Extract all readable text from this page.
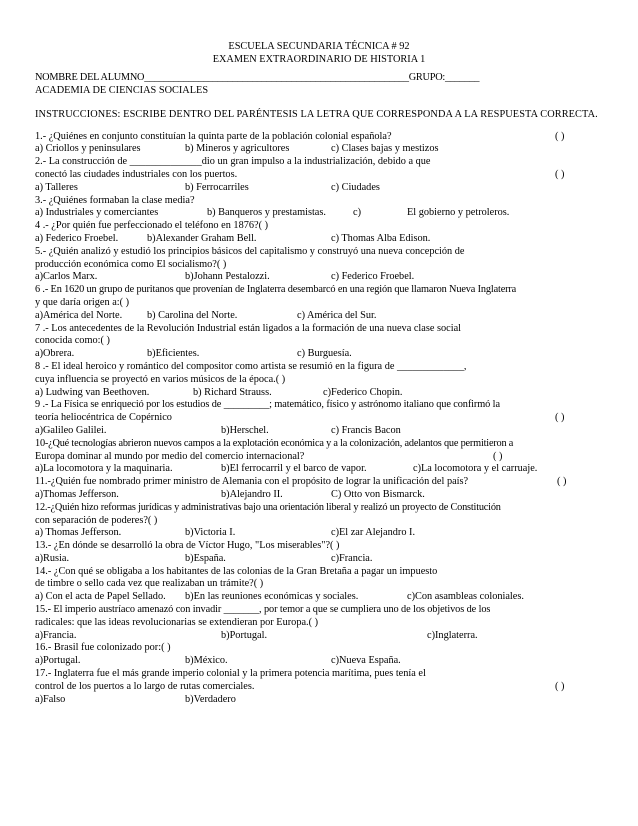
ESCUELA SECUNDARIA TÉCNICA # 92
EXAMEN EXTRAORDINARIO DE HISTORIA 1
NOMBRE DEL ALUMNO______________________________________________________GRUPO:_______
ACADEMIA DE CIENCIAS SOCIALES
INSTRUCCIONES: ESCRIBE DENTRO DEL PARÉNTESIS LA LETRA QUE CORRESPONDA A LA RESPUESTA CORRECTA.
1.- ¿Quiénes en conjunto constituían la quinta parte de la población colonial española?	( )
a) Criollos y peninsulares	b) Mineros y agricultores	c) Clases bajas y mestizos
2.- La construcción de ______________dio un gran impulso a la industrialización, debido a que
conectó las ciudades industriales con los puertos.	( )
a) Talleres	b) Ferrocarriles	c) Ciudades
3.- ¿Quiénes formaban la clase media?
a) Industriales y comerciantes	b) Banqueros y prestamistas.	c)	El gobierno y petroleros.
4 .- ¿Por quién fue perfeccionado el teléfono en 1876?( )
a) Federico Froebel.	b)Alexander Graham Bell.	c) Thomas Alba Edison.
5.- ¿Quién analizó y estudió los principios básicos del capitalismo y construyó una nueva concepción de
producción económica como El socialismo?( )
a)Carlos Marx.	b)Johann Pestalozzi.	c) Federico Froebel.
6 .- En 1620 un grupo de puritanos que provenían de Inglaterra desembarcó en una región que llamaron Nueva Inglaterra
y que daría origen a:( )
a)América del Norte. b) Carolina del Norte.	c) América del Sur.
7 .- Los antecedentes de la Revolución Industrial están ligados a la formación de una nueva clase social
conocida como:( )
a)Obrera.	b)Eficientes.	c) Burguesía.
8 .- El ideal heroico y romántico del compositor como artista se resumió en la figura de _____________,
cuya influencia se proyectó en varios músicos de la época.( )
a) Ludwing van Beethoven.	b) Richard Strauss.	c)Federico Chopin.
9 .- La Física se enriqueció por los estudios de _________; matemático, físico y astrónomo italiano que confirmó la
teoría heliocéntrica de Copérnico	( )
a)Galileo Galilei.	b)Herschel.	c) Francis Bacon
10-¿Qué tecnologías abrieron nuevos campos a la explotación económica y a la colonización, adelantos que permitieron a
Europa dominar al mundo por medio del comercio internacional?	( )
a)La locomotora y la maquinaria.	b)El ferrocarril y el barco de vapor.	c)La locomotora y el carruaje.
11.-¿Quién fue nombrado primer ministro de Alemania con el propósito de lograr la unificación del país?	( )
a)Thomas Jefferson.	b)Alejandro II.	C) Otto von Bismarck.
12.-¿Quién hizo reformas jurídicas y administrativas bajo una orientación liberal y realizó un proyecto de Constitución
con separación de poderes?( )
a) Thomas Jefferson.	b)Victoria I.	c)El zar Alejandro I.
13.- ¿En dónde se desarrolló la obra de Víctor Hugo, "Los miserables"?( )
a)Rusia.	b)España.	c)Francia.
14.- ¿Con qué se obligaba a los habitantes de las colonias de la Gran Bretaña a pagar un impuesto
de timbre o sello cada vez que realizaban un trámite?( )
a) Con el acta de Papel Sellado. b)En las reuniones económicas y sociales.	c)Con asambleas coloniales.
15.- El imperio austríaco amenazó con invadir _______, por temor a que se cumpliera uno de los objetivos de los
radicales: que las ideas revolucionarias se extendieran por Europa.( )
a)Francia.	b)Portugal.	c)Inglaterra.
16.- Brasil fue colonizado por:( )
a)Portugal.	b)México.	c)Nueva España.
17.- Inglaterra fue el más grande imperio colonial y la primera potencia marítima, pues tenía el
control de los puertos a lo largo de rutas comerciales.	( )
a)Falso	b)Verdadero
